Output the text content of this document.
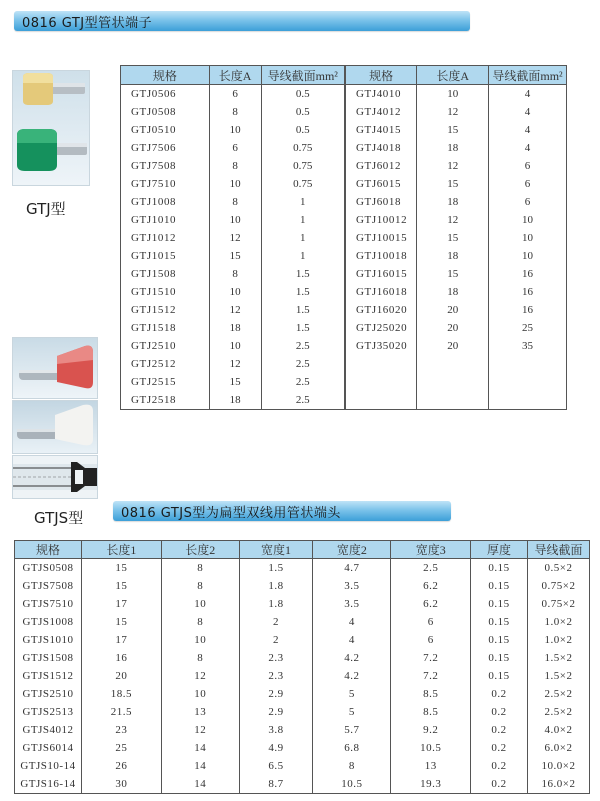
0816 GTJ型管状端子
GTJ型
GTJS型
规格	长度A	导线截面mm²	规格	长度A	导线截面mm²
GTJ0506	6	0.5	GTJ4010	10	4
GTJ0508	8	0.5	GTJ4012	12	4
GTJ0510	10	0.5	GTJ4015	15	4
GTJ7506	6	0.75	GTJ4018	18	4
GTJ7508	8	0.75	GTJ6012	12	6
GTJ7510	10	0.75	GTJ6015	15	6
GTJ1008	8	1	GTJ6018	18	6
GTJ1010	10	1	GTJ10012	12	10
GTJ1012	12	1	GTJ10015	15	10
GTJ1015	15	1	GTJ10018	18	10
GTJ1508	8	1.5	GTJ16015	15	16
GTJ1510	10	1.5	GTJ16018	18	16
GTJ1512	12	1.5	GTJ16020	20	16
GTJ1518	18	1.5	GTJ25020	20	25
GTJ2510	10	2.5	GTJ35020	20	35
GTJ2512	12	2.5			
GTJ2515	15	2.5			
GTJ2518	18	2.5			
0816 GTJS型为扁型双线用管状端头
规格	长度1	长度2	宽度1	宽度2	宽度3	厚度	导线截面
GTJS0508	15	8	1.5	4.7	2.5	0.15	0.5×2
GTJS7508	15	8	1.8	3.5	6.2	0.15	0.75×2
GTJS7510	17	10	1.8	3.5	6.2	0.15	0.75×2
GTJS1008	15	8	2	4	6	0.15	1.0×2
GTJS1010	17	10	2	4	6	0.15	1.0×2
GTJS1508	16	8	2.3	4.2	7.2	0.15	1.5×2
GTJS1512	20	12	2.3	4.2	7.2	0.15	1.5×2
GTJS2510	18.5	10	2.9	5	8.5	0.2	2.5×2
GTJS2513	21.5	13	2.9	5	8.5	0.2	2.5×2
GTJS4012	23	12	3.8	5.7	9.2	0.2	4.0×2
GTJS6014	25	14	4.9	6.8	10.5	0.2	6.0×2
GTJS10-14	26	14	6.5	8	13	0.2	10.0×2
GTJS16-14	30	14	8.7	10.5	19.3	0.2	16.0×2
